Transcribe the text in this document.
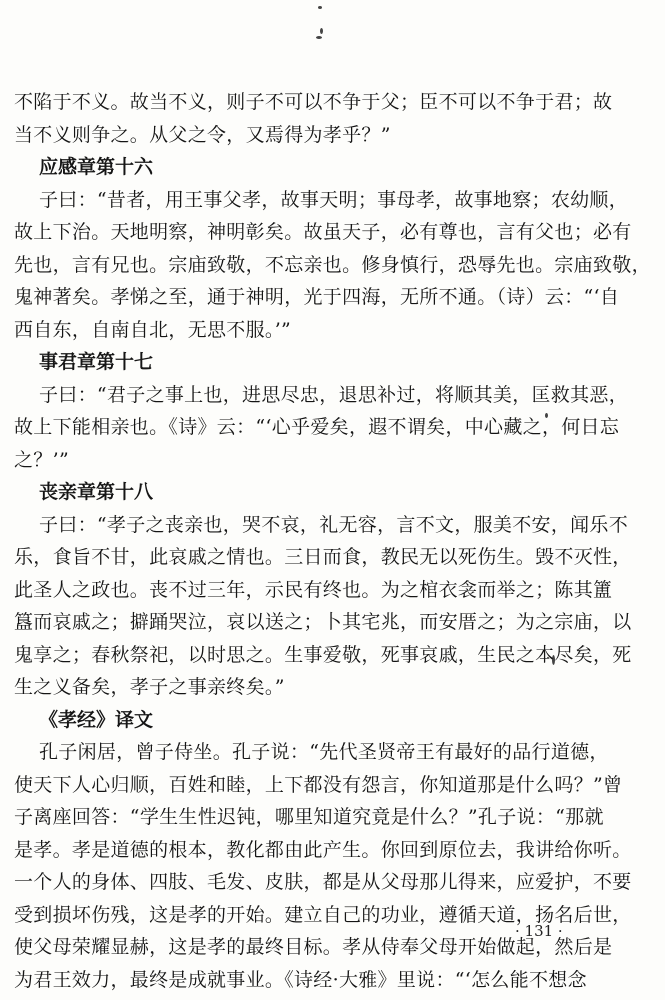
不陷于不义。故当不义，则子不可以不争于父；臣不可以不争于君；故
当不义则争之。从父之令，又焉得为孝乎？”
应感章第十六
子曰：“昔者，用王事父孝，故事天明；事母孝，故事地察；农幼顺，
故上下治。天地明察，神明彰矣。故虽天子，必有尊也，言有父也；必有
先也，言有兄也。宗庙致敬，不忘亲也。修身慎行，恐辱先也。宗庙致敬，
鬼神著矣。孝悌之至，通于神明，光于四海，无所不通。（诗）云：“‘自
西自东，自南自北，无思不服。’”
事君章第十七
子曰：“君子之事上也，进思尽忠，退思补过，将顺其美，匡救其恶，
故上下能相亲也。《诗》云：“‘心乎爱矣，遐不谓矣，中心藏之，何日忘
之？’”
丧亲章第十八
子曰：“孝子之丧亲也，哭不哀，礼无容，言不文，服美不安，闻乐不
乐，食旨不甘，此哀戚之情也。三日而食，教民无以死伤生。毁不灭性，
此圣人之政也。丧不过三年，示民有终也。为之棺衣衾而举之；陈其簠
簋而哀戚之；擗踊哭泣，哀以送之；卜其宅兆，而安厝之；为之宗庙，以
鬼享之；春秋祭祀，以时思之。生事爱敬，死事哀戚，生民之本尽矣，死
生之义备矣，孝子之事亲终矣。”
《孝经》译文
孔子闲居，曾子侍坐。孔子说：“先代圣贤帝王有最好的品行道德，
使天下人心归顺，百姓和睦，上下都没有怨言，你知道那是什么吗？”曾
子离座回答：“学生生性迟钝，哪里知道究竟是什么？”孔子说：“那就
是孝。孝是道德的根本，教化都由此产生。你回到原位去，我讲给你听。
一个人的身体、四肢、毛发、皮肤，都是从父母那儿得来，应爱护，不要
受到损坏伤残，这是孝的开始。建立自己的功业，遵循天道，扬名后世，
使父母荣耀显赫，这是孝的最终目标。孝从侍奉父母开始做起，然后是
为君王效力，最终是成就事业。《诗经·大雅》里说：“‘怎么能不想念
· 131 ·
